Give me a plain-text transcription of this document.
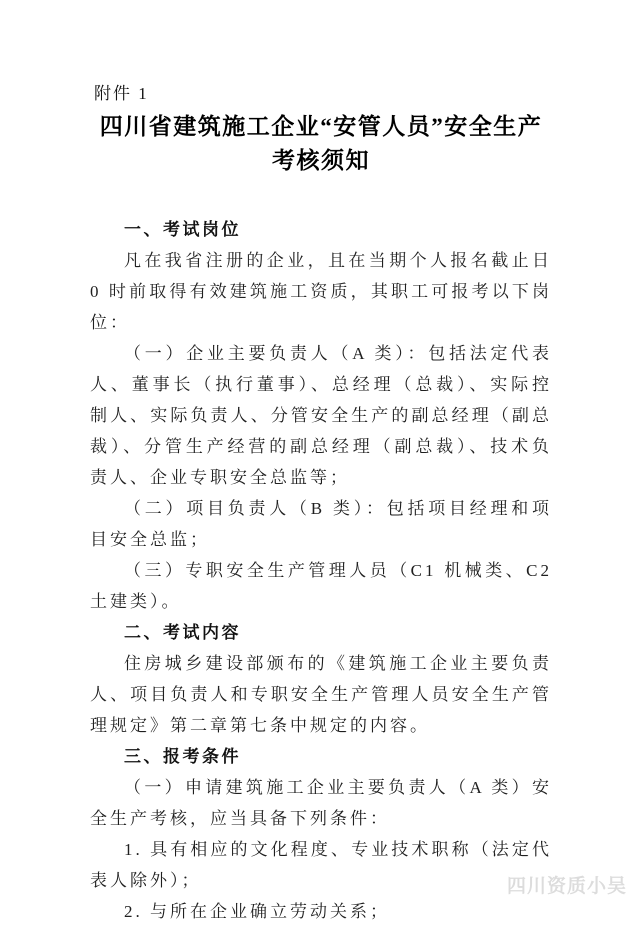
附件 1
四川省建筑施工企业“安管人员”安全生产
考核须知
一、考试岗位

凡在我省注册的企业，且在当期个人报名截止日 0 时前取得有效建筑施工资质，其职工可报考以下岗位：

（一）企业主要负责人（A 类）：包括法定代表人、董事长（执行董事）、总经理（总裁）、实际控制人、实际负责人、分管安全生产的副总经理（副总裁）、分管生产经营的副总经理（副总裁）、技术负责人、企业专职安全总监等；

（二）项目负责人（B 类）：包括项目经理和项目安全总监；

（三）专职安全生产管理人员（C1 机械类、C2 土建类）。

二、考试内容

住房城乡建设部颁布的《建筑施工企业主要负责人、项目负责人和专职安全生产管理人员安全生产管理规定》第二章第七条中规定的内容。

三、报考条件

（一）申请建筑施工企业主要负责人（A 类）安全生产考核，应当具备下列条件：

1. 具有相应的文化程度、专业技术职称（法定代表人除外）；

2. 与所在企业确立劳动关系；

四川资质小吴
